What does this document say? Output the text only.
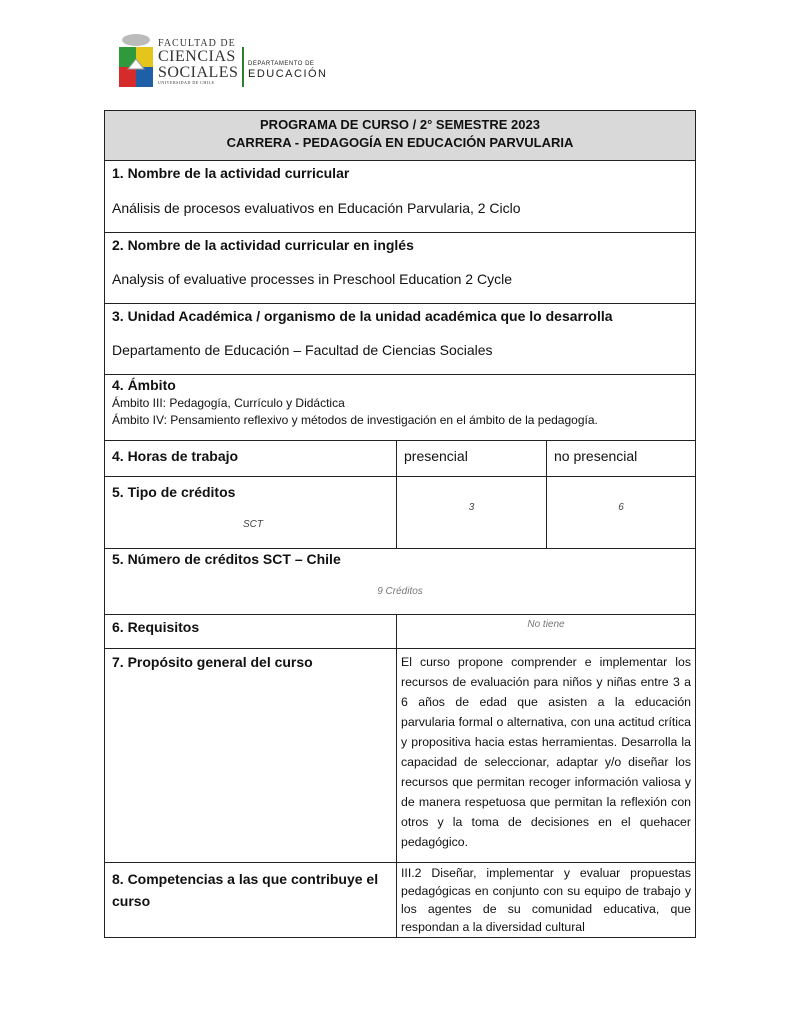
FACULTAD DE
CIENCIAS
SOCIALES
UNIVERSIDAD DE CHILE
DEPARTAMENTO DE
EDUCACIÓN
PROGRAMA DE CURSO / 2° SEMESTRE 2023
CARRERA - PEDAGOGÍA EN EDUCACIÓN PARVULARIA
1. Nombre de la actividad curricular
Análisis de procesos evaluativos en Educación Parvularia, 2 Ciclo
2. Nombre de la actividad curricular en inglés
Analysis of evaluative processes in Preschool Education 2 Cycle
3. Unidad Académica / organismo de la unidad académica que lo desarrolla
Departamento de Educación – Facultad de Ciencias Sociales
4. Ámbito
Ámbito III: Pedagogía, Currículo y Didáctica
Ámbito IV: Pensamiento reflexivo y métodos de investigación en el ámbito de la pedagogía.
4. Horas de trabajo	presencial	no presencial
5. Tipo de créditos
SCT
3	6
5. Número de créditos SCT – Chile
9 Créditos
6. Requisitos	No tiene
7. Propósito general del curso	El curso propone comprender e implementar los recursos de evaluación para niños y niñas entre 3 a 6 años de edad que asisten a la educación parvularia formal o alternativa, con una actitud crítica y propositiva hacia estas herramientas. Desarrolla la capacidad de seleccionar, adaptar y/o diseñar los recursos que permitan recoger información valiosa y de manera respetuosa que permitan la reflexión con otros y la toma de decisiones en el quehacer pedagógico.
8. Competencias a las que contribuye el curso
III.2 Diseñar, implementar y evaluar propuestas pedagógicas en conjunto con su equipo de trabajo y los agentes de su comunidad educativa, que respondan a la diversidad cultural
